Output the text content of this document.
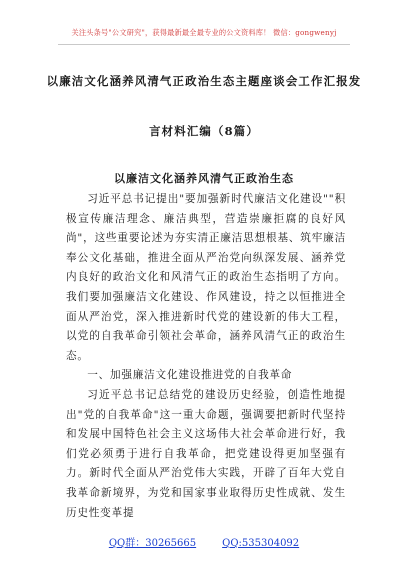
关注头条号"公文研究"，获得最新最全最专业的公文资料库！ 微信：gongwenyj
以廉洁文化涵养风清气正政治生态主题座谈会工作汇报发
言材料汇编（8篇）
以廉洁文化涵养风清气正政治生态

习近平总书记提出"要加强新时代廉洁文化建设""积极宣传廉洁理念、廉洁典型，营造崇廉拒腐的良好风尚"，这些重要论述为夯实清正廉洁思想根基、筑牢廉洁奉公文化基础，推进全面从严治党向纵深发展、涵养党内良好的政治文化和风清气正的政治生态指明了方向。我们要加强廉洁文化建设、作风建设，持之以恒推进全面从严治党，深入推进新时代党的建设新的伟大工程，以党的自我革命引领社会革命，涵养风清气正的政治生态。

一、加强廉洁文化建设推进党的自我革命

习近平总书记总结党的建设历史经验，创造性地提出"党的自我革命"这一重大命题，强调要把新时代坚持和发展中国特色社会主义这场伟大社会革命进行好，我们党必须勇于进行自我革命，把党建设得更加坚强有力。新时代全面从严治党伟大实践，开辟了百年大党自我革命新境界，为党和国家事业取得历史性成就、发生历史性变革提

QQ群：30265665	QQ:535304092
